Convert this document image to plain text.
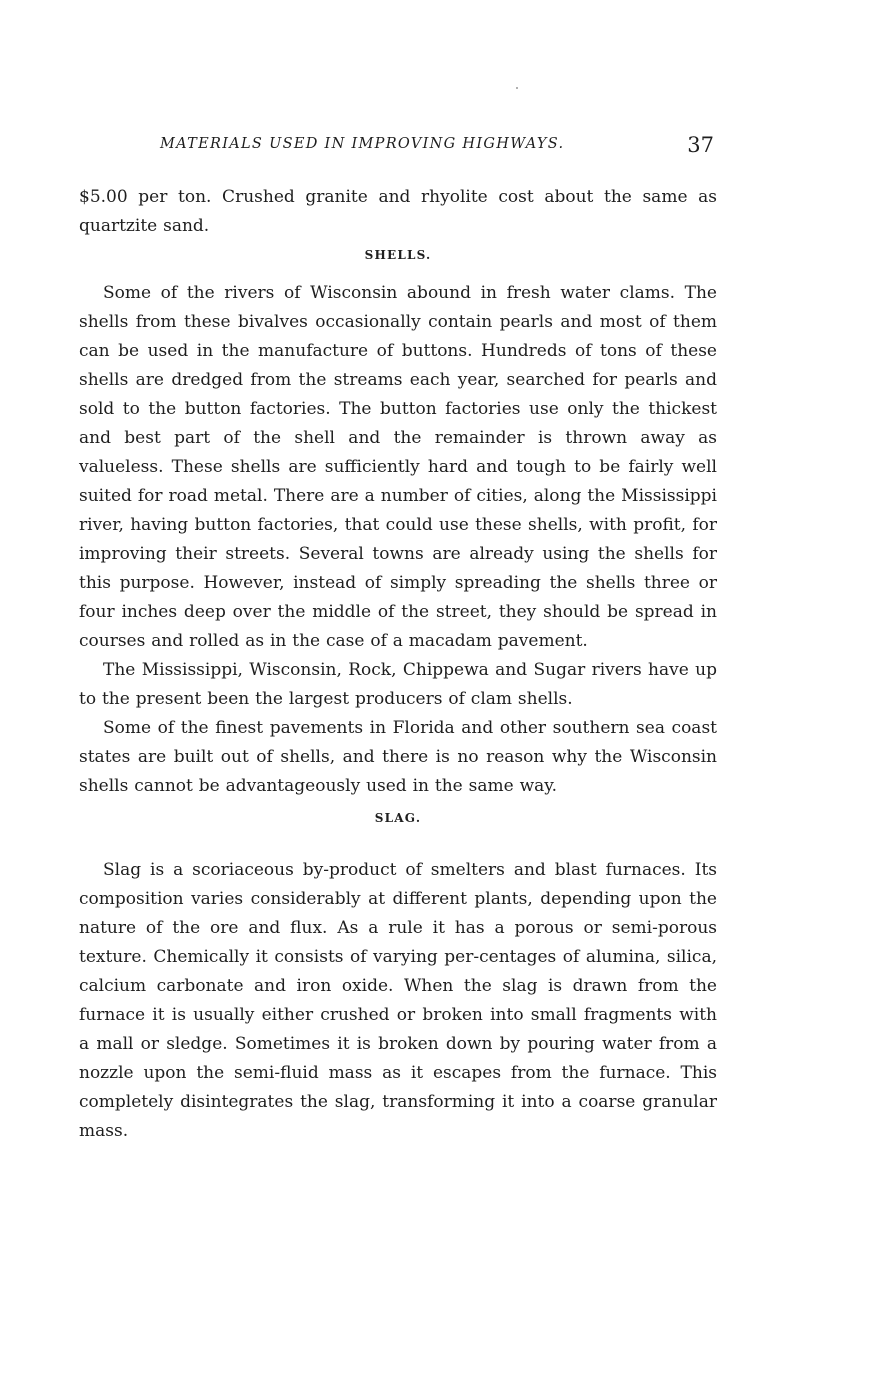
MATERIALS USED IN IMPROVING HIGHWAYS.	37

$5.00 per ton. Crushed granite and rhyolite cost about the same as quartzite sand.

SHELLS.

Some of the rivers of Wisconsin abound in fresh water clams. The shells from these bivalves occasionally contain pearls and most of them can be used in the manufacture of buttons. Hundreds of tons of these shells are dredged from the streams each year, searched for pearls and sold to the button factories. The button factories use only the thickest and best part of the shell and the remainder is thrown away as valueless. These shells are sufficiently hard and tough to be fairly well suited for road metal. There are a number of cities, along the Mississippi river, having button factories, that could use these shells, with profit, for improving their streets. Several towns are already using the shells for this purpose. However, instead of simply spreading the shells three or four inches deep over the middle of the street, they should be spread in courses and rolled as in the case of a macadam pavement.

The Mississippi, Wisconsin, Rock, Chippewa and Sugar rivers have up to the present been the largest producers of clam shells.

Some of the finest pavements in Florida and other southern sea coast states are built out of shells, and there is no reason why the Wisconsin shells cannot be advantageously used in the same way.

SLAG.

Slag is a scoriaceous by-product of smelters and blast furnaces. Its composition varies considerably at different plants, depending upon the nature of the ore and flux. As a rule it has a porous or semi-porous texture. Chemically it consists of varying per-centages of alumina, silica, calcium carbonate and iron oxide. When the slag is drawn from the furnace it is usually either crushed or broken into small fragments with a mall or sledge. Sometimes it is broken down by pouring water from a nozzle upon the semi-fluid mass as it escapes from the furnace. This completely disintegrates the slag, transforming it into a coarse granular mass.
